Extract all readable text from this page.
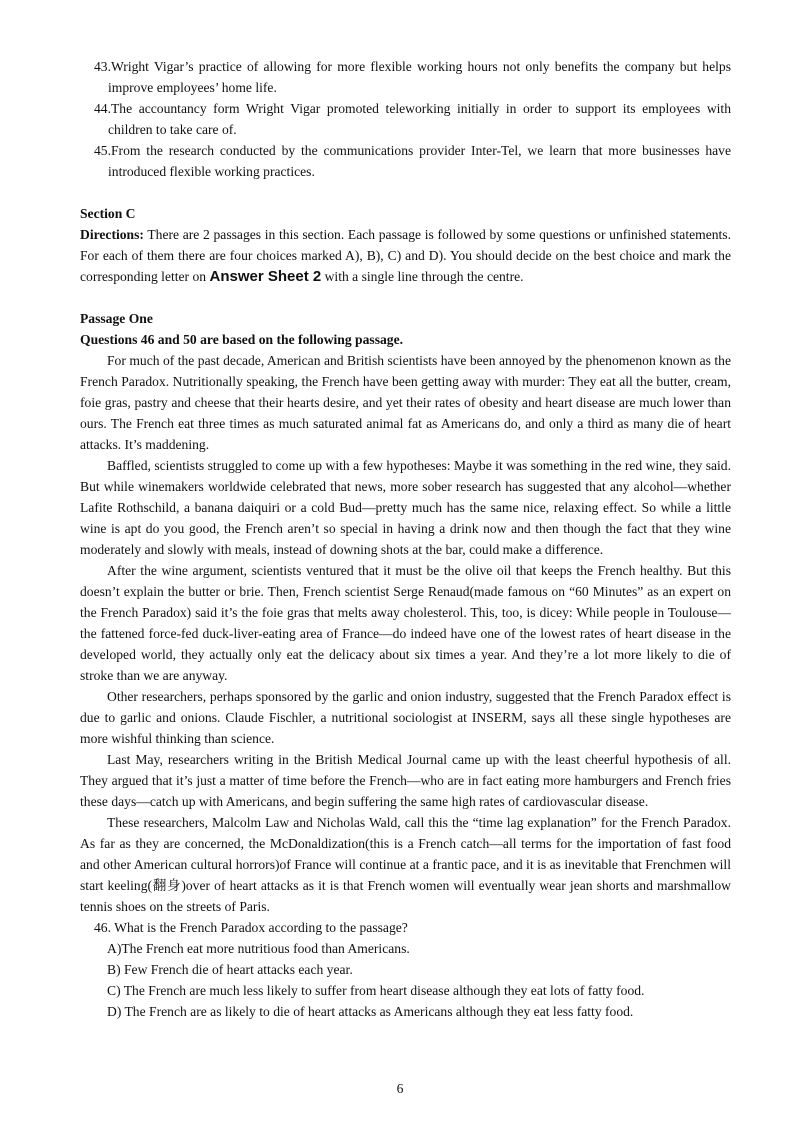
43.Wright Vigar’s practice of allowing for more flexible working hours not only benefits the company but helps improve employees’ home life.

44.The accountancy form Wright Vigar promoted teleworking initially in order to support its employees with children to take care of.

45.From the research conducted by the communications provider Inter-Tel, we learn that more businesses have introduced flexible working practices.

Section C

Directions: There are 2 passages in this section. Each passage is followed by some questions or unfinished statements. For each of them there are four choices marked A), B), C) and D). You should decide on the best choice and mark the corresponding letter on Answer Sheet 2 with a single line through the centre.

Passage One

Questions 46 and 50 are based on the following passage.

For much of the past decade, American and British scientists have been annoyed by the phenomenon known as the French Paradox. Nutritionally speaking, the French have been getting away with murder: They eat all the butter, cream, foie gras, pastry and cheese that their hearts desire, and yet their rates of obesity and heart disease are much lower than ours. The French eat three times as much saturated animal fat as Americans do, and only a third as many die of heart attacks. It’s maddening.

Baffled, scientists struggled to come up with a few hypotheses: Maybe it was something in the red wine, they said. But while winemakers worldwide celebrated that news, more sober research has suggested that any alcohol—whether Lafite Rothschild, a banana daiquiri or a cold Bud—pretty much has the same nice, relaxing effect. So while a little wine is apt do you good, the French aren’t so special in having a drink now and then though the fact that they wine moderately and slowly with meals, instead of downing shots at the bar, could make a difference.

After the wine argument, scientists ventured that it must be the olive oil that keeps the French healthy. But this doesn’t explain the butter or brie. Then, French scientist Serge Renaud(made famous on “60 Minutes” as an expert on the French Paradox) said it’s the foie gras that melts away cholesterol. This, too, is dicey: While people in Toulouse—the fattened force-fed duck-liver-eating area of France—do indeed have one of the lowest rates of heart disease in the developed world, they actually only eat the delicacy about six times a year. And they’re a lot more likely to die of stroke than we are anyway.

Other researchers, perhaps sponsored by the garlic and onion industry, suggested that the French Paradox effect is due to garlic and onions. Claude Fischler, a nutritional sociologist at INSERM, says all these single hypotheses are more wishful thinking than science.

Last May, researchers writing in the British Medical Journal came up with the least cheerful hypothesis of all. They argued that it’s just a matter of time before the French—who are in fact eating more hamburgers and French fries these days—catch up with Americans, and begin suffering the same high rates of cardiovascular disease.

These researchers, Malcolm Law and Nicholas Wald, call this the “time lag explanation” for the French Paradox. As far as they are concerned, the McDonaldization(this is a French catch—all terms for the importation of fast food and other American cultural horrors)of France will continue at a frantic pace, and it is as inevitable that Frenchmen will start keeling(翻身)over of heart attacks as it is that French women will eventually wear jean shorts and marshmallow tennis shoes on the streets of Paris.

46. What is the French Paradox according to the passage?

A)The French eat more nutritious food than Americans.

B) Few French die of heart attacks each year.

C) The French are much less likely to suffer from heart disease although they eat lots of fatty food.

D) The French are as likely to die of heart attacks as Americans although they eat less fatty food.

6
